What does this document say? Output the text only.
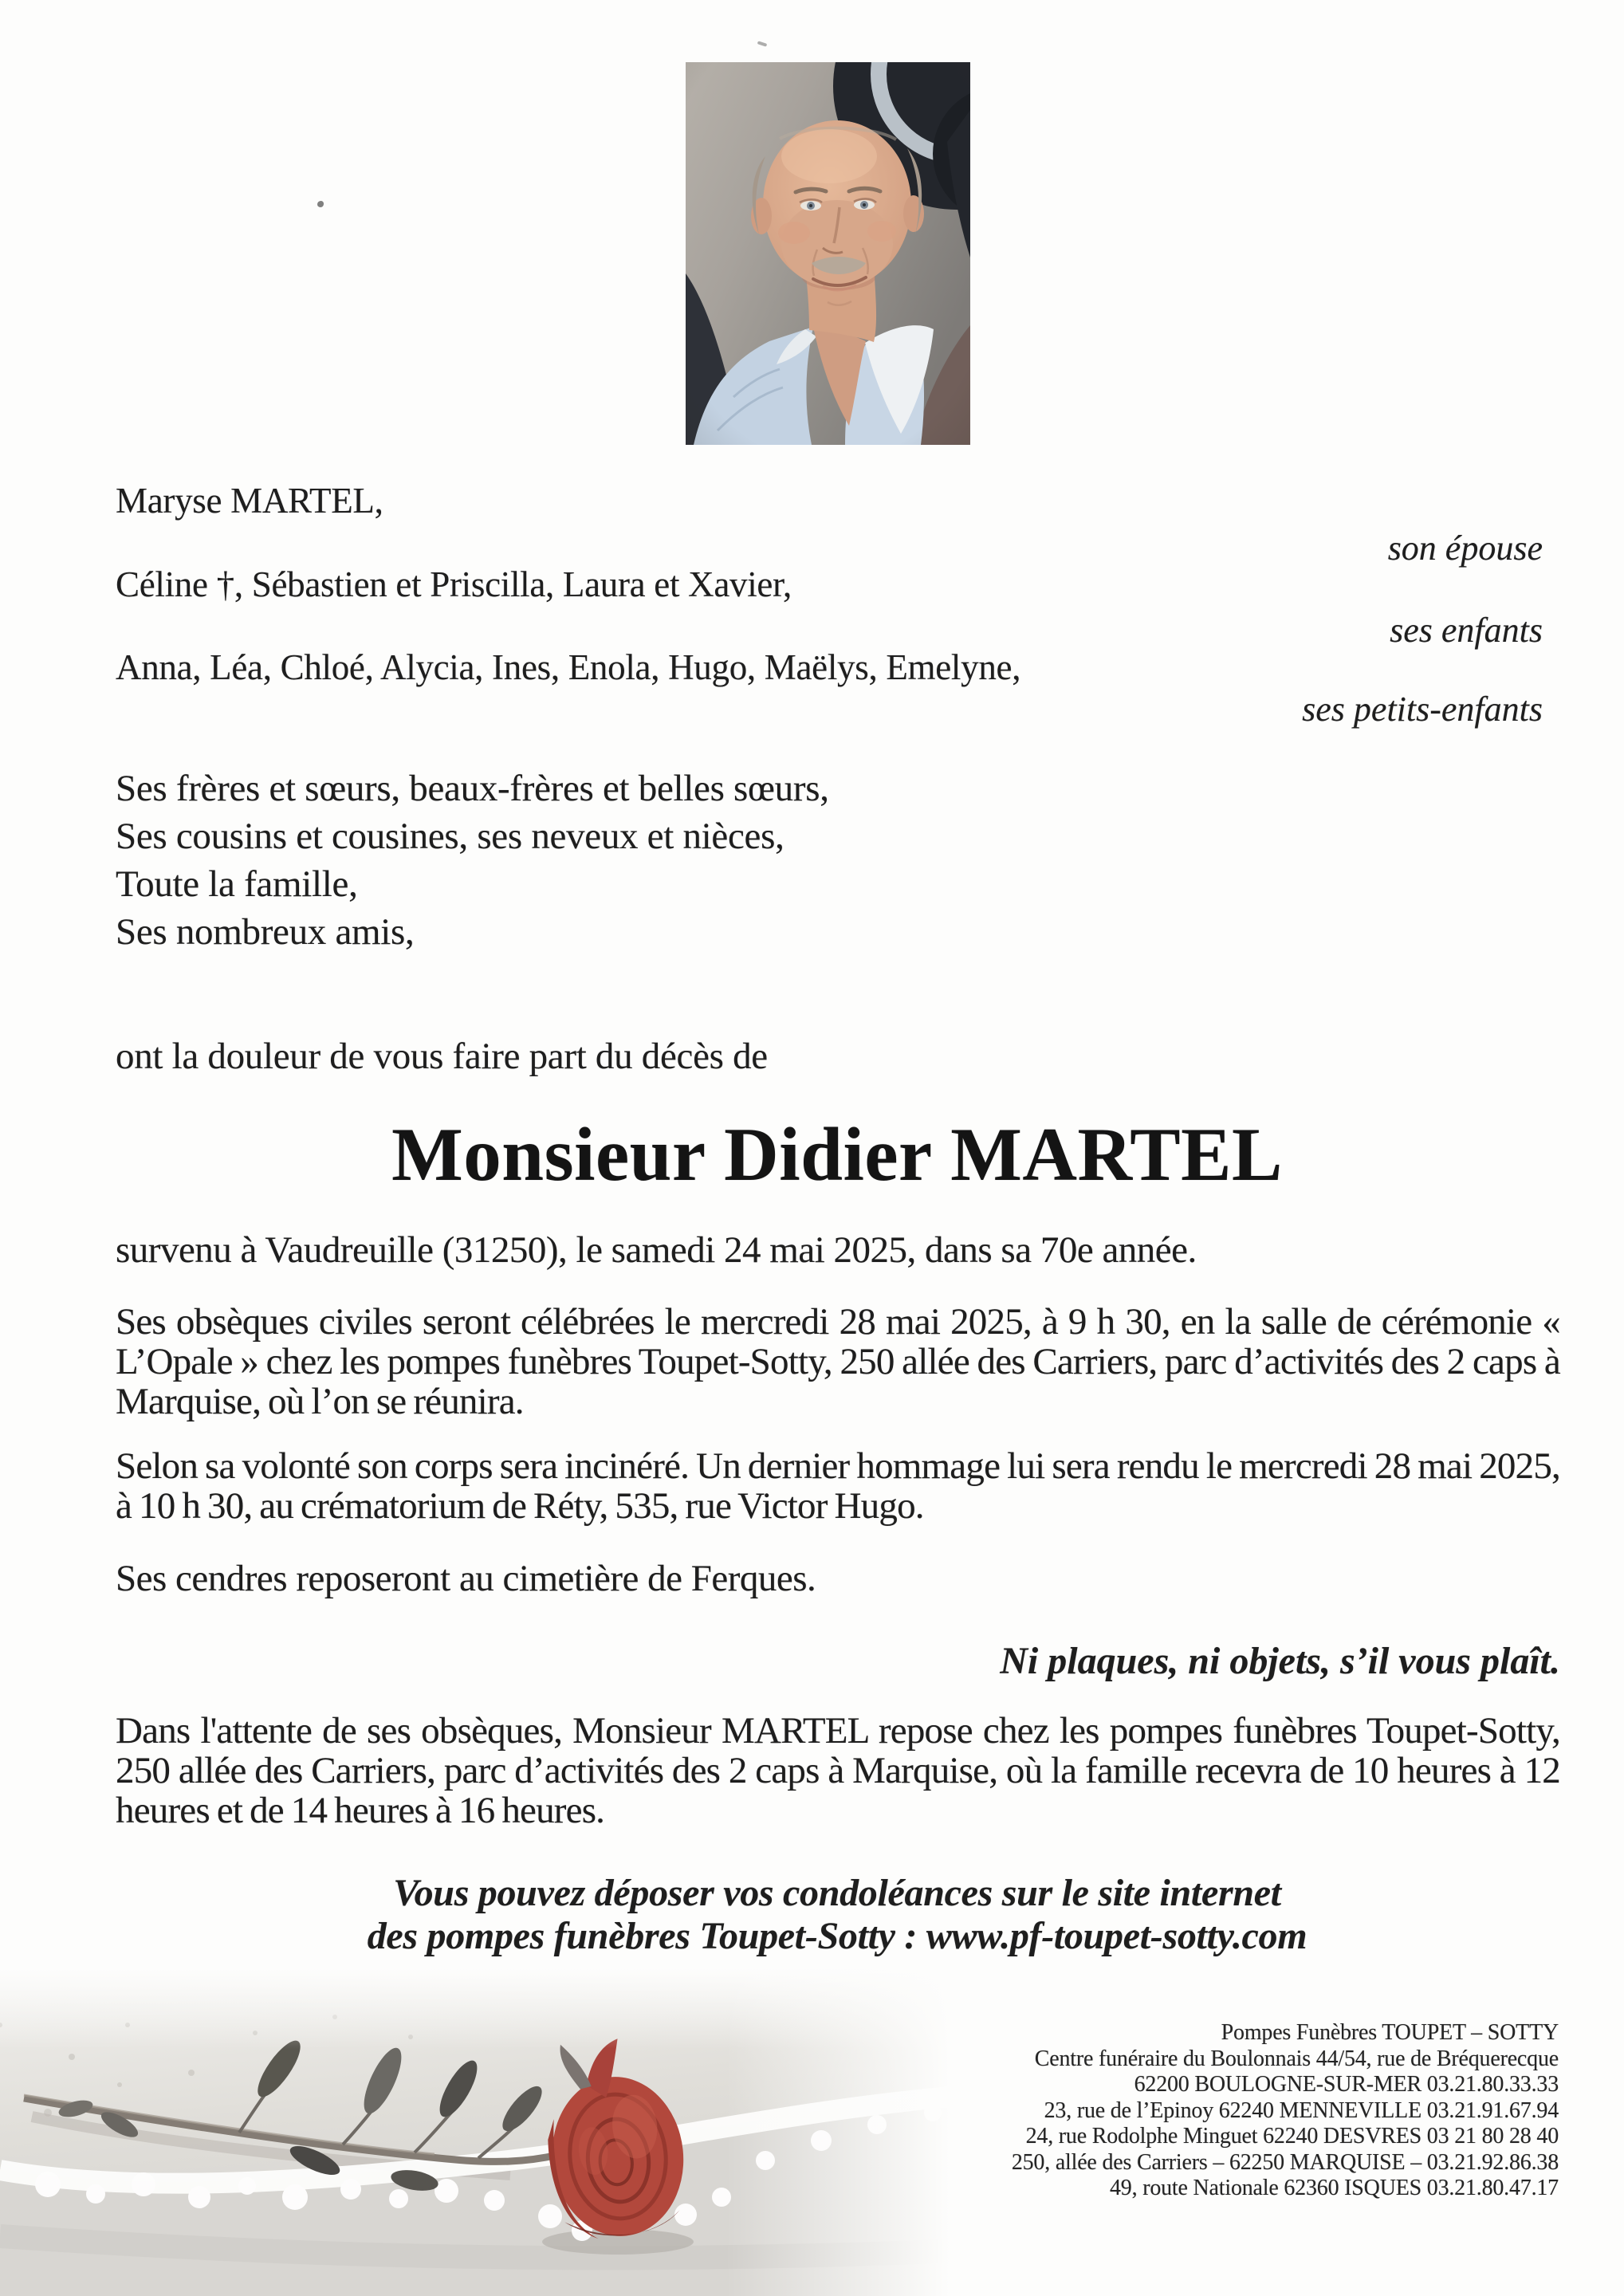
Maryse MARTEL,
son épouse
Céline †, Sébastien et Priscilla, Laura et Xavier,
ses enfants
Anna, Léa, Chloé, Alycia, Ines, Enola, Hugo, Maëlys, Emelyne,
ses petits-enfants
Ses frères et sœurs, beaux-frères et belles sœurs,
Ses cousins et cousines, ses neveux et nièces,
Toute la famille,
Ses nombreux amis,
ont la douleur de vous faire part du décès de
Monsieur Didier MARTEL
survenu à Vaudreuille (31250), le samedi 24 mai 2025, dans sa 70e année.

Ses obsèques civiles seront célébrées le mercredi 28 mai 2025, à 9 h 30, en la salle de cérémonie « L’Opale » chez les pompes funèbres Toupet-Sotty, 250 allée des Carriers, parc d’activités des 2 caps à Marquise, où l’on se réunira.

Selon sa volonté son corps sera incinéré. Un dernier hommage lui sera rendu le mercredi 28 mai 2025, à 10 h 30, au crématorium de Réty, 535, rue Victor Hugo.

Ses cendres reposeront au cimetière de Ferques.
Ni plaques, ni objets, s’il vous plaît.

Dans l'attente de ses obsèques, Monsieur MARTEL repose chez les pompes funèbres Toupet-Sotty, 250 allée des Carriers, parc d’activités des 2 caps à Marquise, où la famille recevra de 10 heures à 12 heures et de 14 heures à 16 heures.

Vous pouvez déposer vos condoléances sur le site internet
des pompes funèbres Toupet-Sotty : www.pf-toupet-sotty.com
Pompes Funèbres TOUPET – SOTTY
Centre funéraire du Boulonnais 44/54, rue de Bréquerecque
62200 BOULOGNE-SUR-MER 03.21.80.33.33
23, rue de l’Epinoy 62240 MENNEVILLE 03.21.91.67.94
24, rue Rodolphe Minguet 62240 DESVRES 03 21 80 28 40
250, allée des Carriers – 62250 MARQUISE – 03.21.92.86.38
49, route Nationale 62360 ISQUES 03.21.80.47.17
